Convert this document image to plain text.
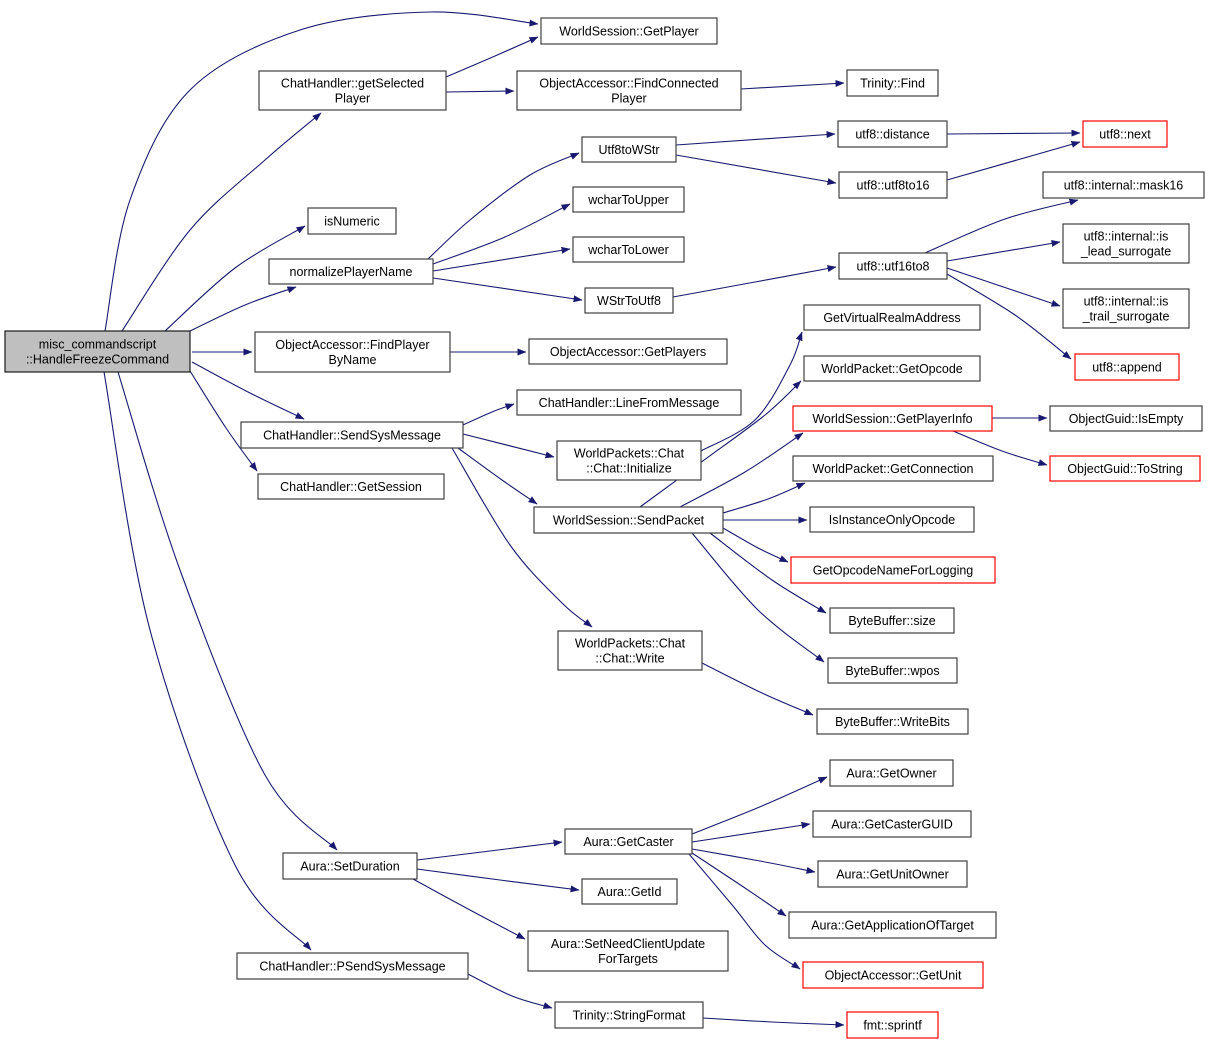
misc_commandscript ::HandleFreezeCommand
ChatHandler::getSelected Player
isNumeric
normalizePlayerName
ObjectAccessor::FindPlayer ByName
ChatHandler::SendSysMessage
ChatHandler::GetSession
Aura::SetDuration
ChatHandler::PSendSysMessage
WorldSession::GetPlayer
ObjectAccessor::FindConnected Player
Utf8toWStr
wcharToUpper
wcharToLower
WStrToUtf8
ObjectAccessor::GetPlayers
ChatHandler::LineFromMessage
WorldPackets::Chat ::Chat::Initialize
WorldSession::SendPacket
WorldPackets::Chat ::Chat::Write
Aura::GetCaster
Aura::GetId
Aura::SetNeedClientUpdate ForTargets
Trinity::StringFormat
Trinity::Find
utf8::distance
utf8::utf8to16
utf8::utf16to8
GetVirtualRealmAddress
WorldPacket::GetOpcode
WorldSession::GetPlayerInfo
WorldPacket::GetConnection
IsInstanceOnlyOpcode
GetOpcodeNameForLogging
ByteBuffer::size
ByteBuffer::wpos
ByteBuffer::WriteBits
Aura::GetOwner
Aura::GetCasterGUID
Aura::GetUnitOwner
Aura::GetApplicationOfTarget
ObjectAccessor::GetUnit
fmt::sprintf
utf8::next
utf8::internal::mask16
utf8::internal::is _lead_surrogate
utf8::internal::is _trail_surrogate
utf8::append
ObjectGuid::IsEmpty
ObjectGuid::ToString
